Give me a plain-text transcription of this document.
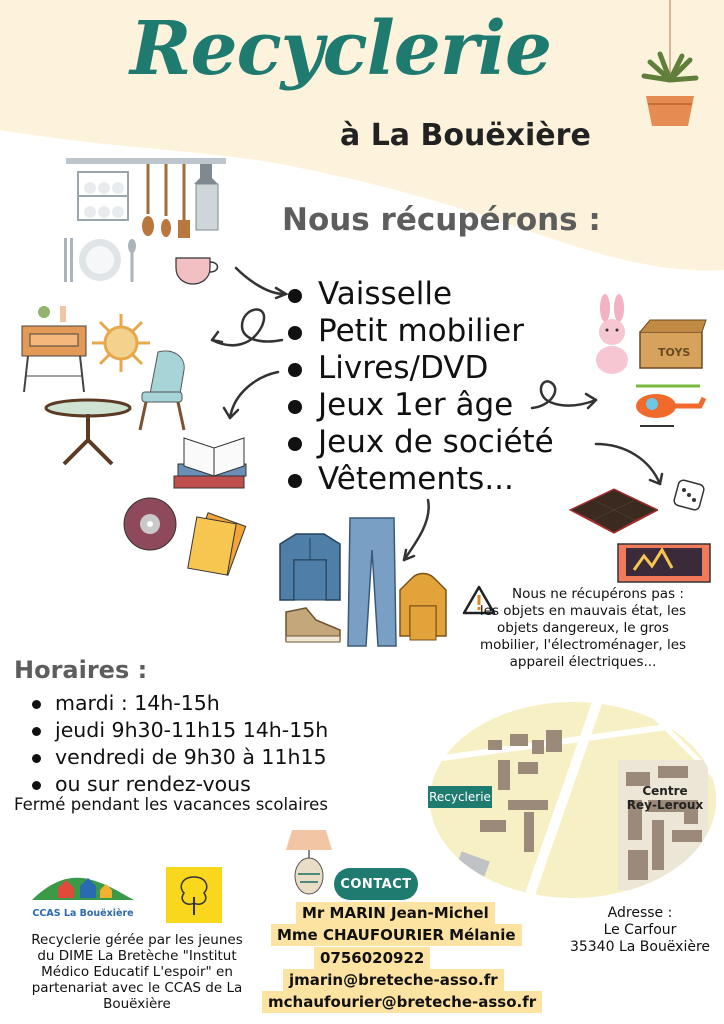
Recyclerie
à La Bouëxière
Nous récupérons :
Vaisselle
Petit mobilier
Livres/DVD
Jeux 1er âge
Jeux de société
Vêtements...
TOYS
Nous ne récupérons pas :
les objets en mauvais état, les
objets dangereux, le gros
mobilier, l'électroménager, les
appareil électriques...
Horaires :
mardi : 14h-15h
jeudi 9h30-11h15 14h-15h
vendredi de 9h30 à 11h15
ou sur rendez-vous
Fermé pendant les vacances scolaires	Recyclerie	Centre
Rey-Leroux
Adresse :
Le Carfour
35340 La Bouëxière
CCAS La Bouëxière
Recyclerie gérée par les jeunes
du DIME La Bretèche "Institut
Médico Educatif L'espoir" en
partenariat avec le CCAS de La
Bouëxière
CONTACT
Mr MARIN Jean-Michel
Mme CHAUFOURIER Mélanie
0756020922
jmarin@breteche-asso.fr
mchaufourier@breteche-asso.fr
